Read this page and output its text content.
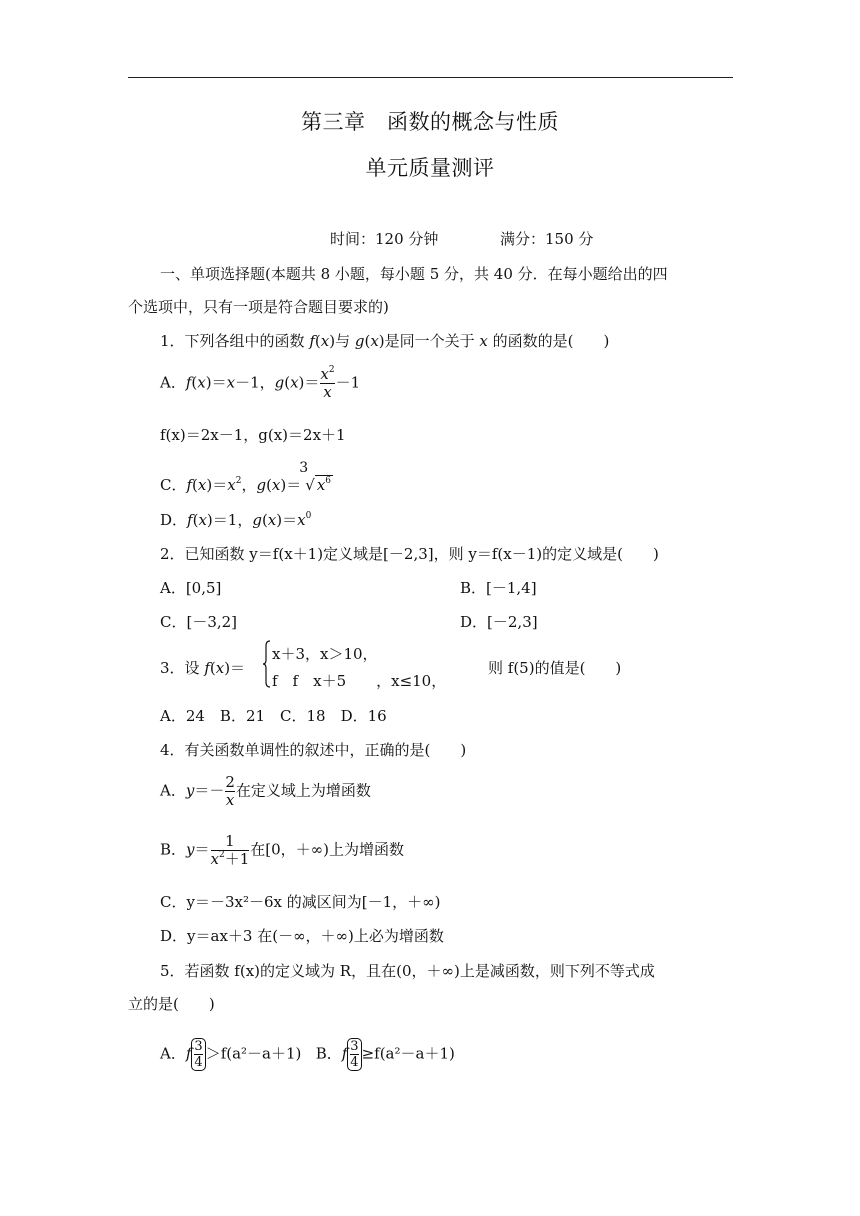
第三章　函数的概念与性质
单元质量测评
时间：120 分钟	满分：150 分
一、单项选择题(本题共 8 小题，每小题 5 分，共 40 分．在每小题给出的四
个选项中，只有一项是符合题目要求的)
1．下列各组中的函数 f(x)与 g(x)是同一个关于 x 的函数的是(　　)
A．f(x)＝x－1，$g(x)= \frac{x^2}{x} -1$
f(x)＝2x－1，g(x)＝2x＋1
C．$f(x)=x^2$，g(x)＝
3
√ $x^6$
D．f(x)＝1，$g(x)=x^0$
2．已知函数 y＝f(x＋1)定义域是[－2,3]，则 y＝f(x－1)的定义域是(　　)
A．[0,5]	B．[－1,4]
C．[－3,2]	D．[－2,3]
3．设 f(x)＝
x＋3，x＞10，
f　f　x＋5　　，x≤10，
则 f(5)的值是(　　)
A．24　B．21　C．18　D．16
4．有关函数单调性的叙述中，正确的是(　　)
A．$y=- \frac{2}{x}$ 在定义域上为增函数
B．$y= \frac{1}{x^2+1}$ 在[0，＋∞)上为增函数
C．y＝－3x²－6x 的减区间为[－1，＋∞)
D．y＝ax＋3 在(－∞，＋∞)上必为增函数
5．若函数 f(x)的定义域为 R，且在(0，＋∞)上是减函数，则下列不等式成
立的是(　　)
A．f $\frac{3}{4} >f(a^2-a+1)$ B．f $\frac{3}{4} \ge f(a^2-a+1)$
